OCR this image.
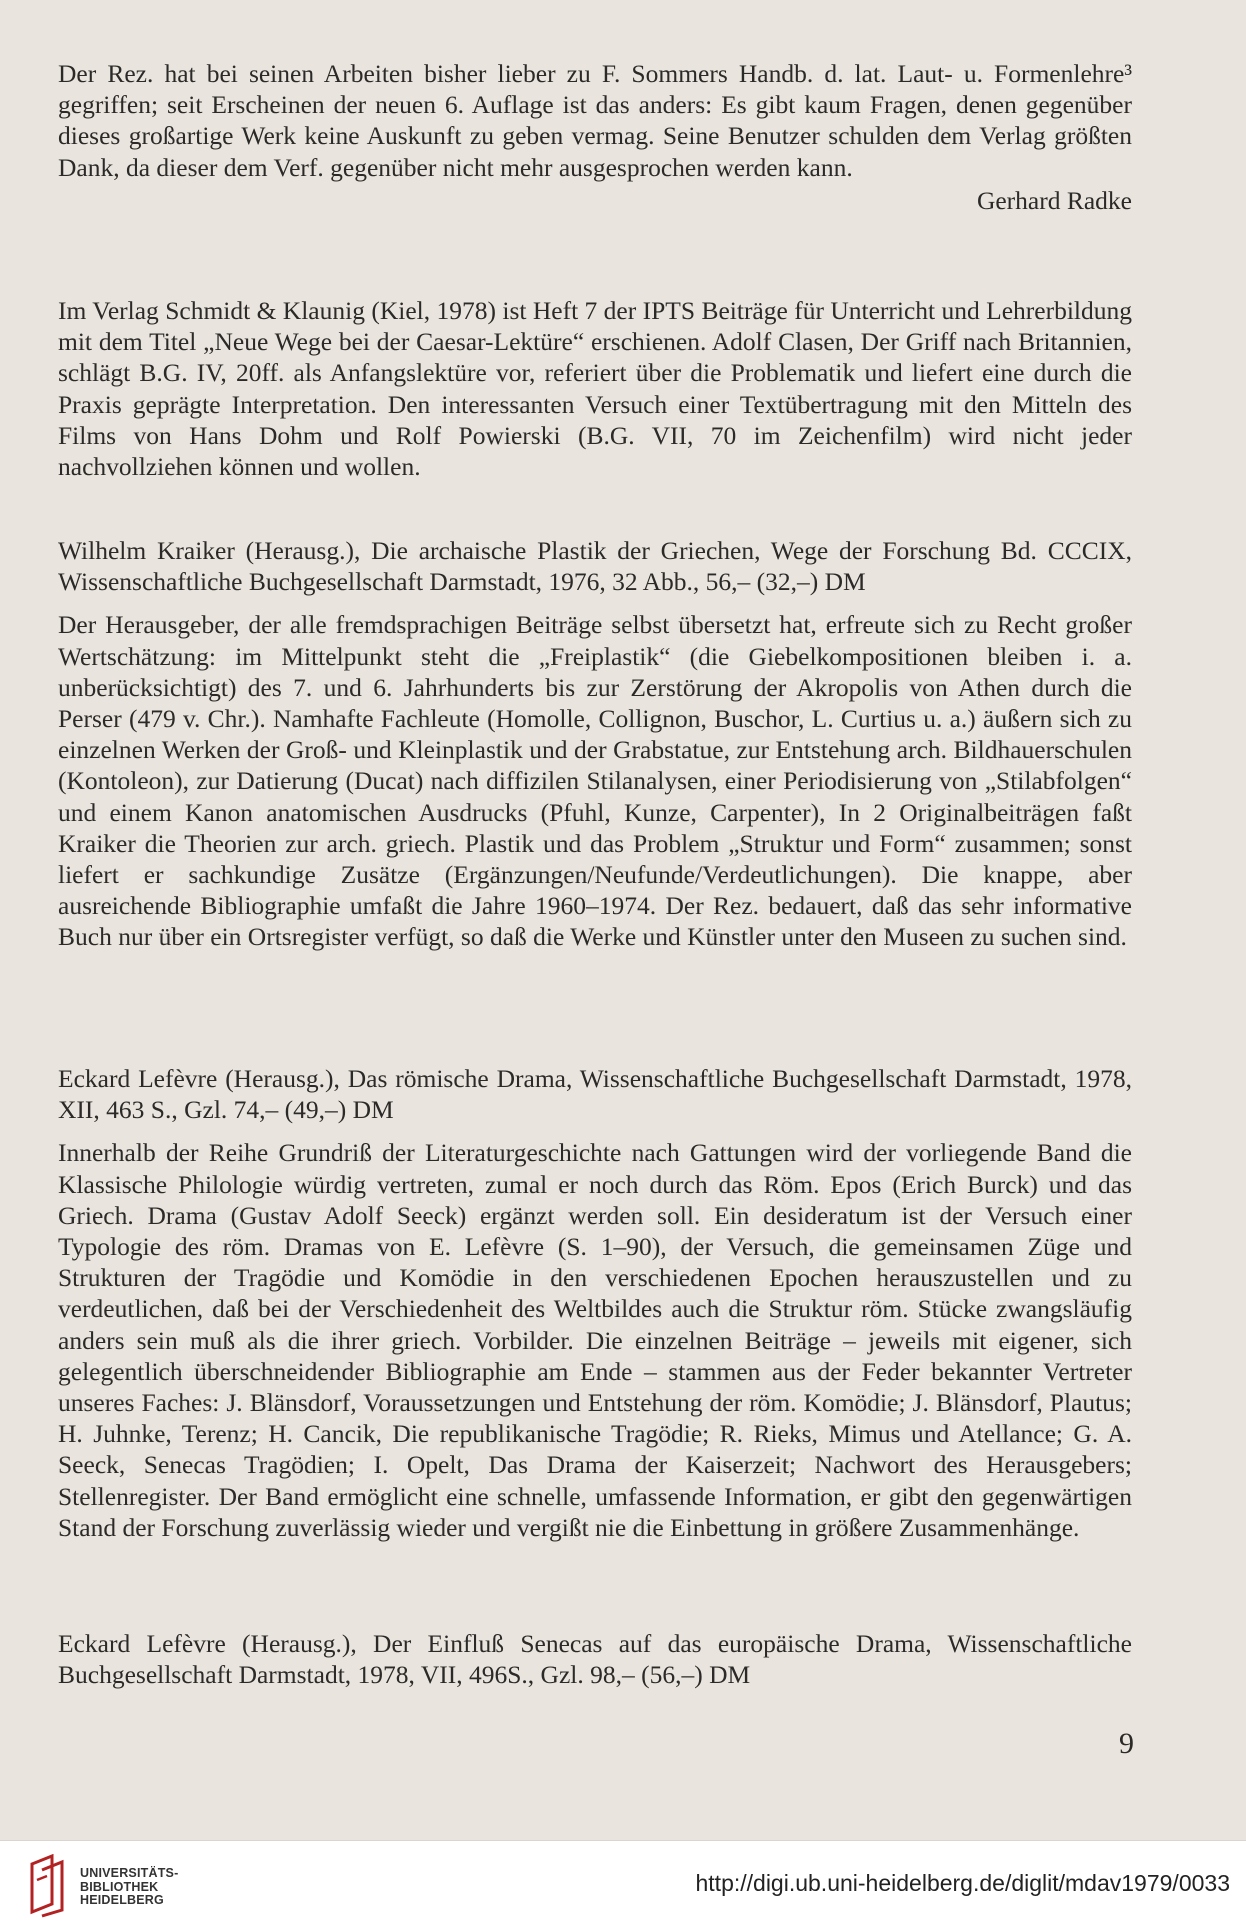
Der Rez. hat bei seinen Arbeiten bisher lieber zu F. Sommers Handb. d. lat. Laut- u. Formenlehre³ gegriffen; seit Erscheinen der neuen 6. Auflage ist das anders: Es gibt kaum Fragen, denen gegenüber dieses großartige Werk keine Auskunft zu geben vermag. Seine Benutzer schulden dem Verlag größten Dank, da dieser dem Verf. gegenüber nicht mehr ausgesprochen werden kann.

Gerhard Radke

Im Verlag Schmidt & Klaunig (Kiel, 1978) ist Heft 7 der IPTS Beiträge für Unterricht und Lehrerbildung mit dem Titel „Neue Wege bei der Caesar-Lektüre“ erschienen. Adolf Clasen, Der Griff nach Britannien, schlägt B.G. IV, 20ff. als Anfangslektüre vor, referiert über die Problematik und liefert eine durch die Praxis geprägte Interpretation. Den interessanten Versuch einer Textübertragung mit den Mitteln des Films von Hans Dohm und Rolf Powierski (B.G. VII, 70 im Zeichenfilm) wird nicht jeder nachvollziehen können und wollen.

Wilhelm Kraiker (Herausg.), Die archaische Plastik der Griechen, Wege der Forschung Bd. CCCIX, Wissenschaftliche Buchgesellschaft Darmstadt, 1976, 32 Abb., 56,– (32,–) DM

Der Herausgeber, der alle fremdsprachigen Beiträge selbst übersetzt hat, erfreute sich zu Recht großer Wertschätzung: im Mittelpunkt steht die „Freiplastik“ (die Giebelkompositionen bleiben i. a. unberücksichtigt) des 7. und 6. Jahrhunderts bis zur Zerstörung der Akropolis von Athen durch die Perser (479 v. Chr.). Namhafte Fachleute (Homolle, Collignon, Buschor, L. Curtius u. a.) äußern sich zu einzelnen Werken der Groß- und Kleinplastik und der Grabstatue, zur Entstehung arch. Bildhauerschulen (Kontoleon), zur Datierung (Ducat) nach diffizilen Stilanalysen, einer Periodisierung von „Stilabfolgen“ und einem Kanon anatomischen Ausdrucks (Pfuhl, Kunze, Carpenter), In 2 Originalbeiträgen faßt Kraiker die Theorien zur arch. griech. Plastik und das Problem „Struktur und Form“ zusammen; sonst liefert er sachkundige Zusätze (Ergänzungen/Neufunde/Verdeutlichungen). Die knappe, aber ausreichende Bibliographie umfaßt die Jahre 1960–1974. Der Rez. bedauert, daß das sehr informative Buch nur über ein Ortsregister verfügt, so daß die Werke und Künstler unter den Museen zu suchen sind.

Eckard Lefèvre (Herausg.), Das römische Drama, Wissenschaftliche Buchgesellschaft Darmstadt, 1978, XII, 463 S., Gzl. 74,– (49,–) DM

Innerhalb der Reihe Grundriß der Literaturgeschichte nach Gattungen wird der vorliegende Band die Klassische Philologie würdig vertreten, zumal er noch durch das Röm. Epos (Erich Burck) und das Griech. Drama (Gustav Adolf Seeck) ergänzt werden soll. Ein desideratum ist der Versuch einer Typologie des röm. Dramas von E. Lefèvre (S. 1–90), der Versuch, die gemeinsamen Züge und Strukturen der Tragödie und Komödie in den verschiedenen Epochen herauszustellen und zu verdeutlichen, daß bei der Verschiedenheit des Weltbildes auch die Struktur röm. Stücke zwangsläufig anders sein muß als die ihrer griech. Vorbilder. Die einzelnen Beiträge – jeweils mit eigener, sich gelegentlich überschneidender Bibliographie am Ende – stammen aus der Feder bekannter Vertreter unseres Faches: J. Blänsdorf, Voraussetzungen und Entstehung der röm. Komödie; J. Blänsdorf, Plautus; H. Juhnke, Terenz; H. Cancik, Die republikanische Tragödie; R. Rieks, Mimus und Atellance; G. A. Seeck, Senecas Tragödien; I. Opelt, Das Drama der Kaiserzeit; Nachwort des Herausgebers; Stellenregister. Der Band ermöglicht eine schnelle, umfassende Information, er gibt den gegenwärtigen Stand der Forschung zuverlässig wieder und vergißt nie die Einbettung in größere Zusammenhänge.

Eckard Lefèvre (Herausg.), Der Einfluß Senecas auf das europäische Drama, Wissenschaftliche Buchgesellschaft Darmstadt, 1978, VII, 496S., Gzl. 98,– (56,–) DM

9
UNIVERSITÄTS-
BIBLIOTHEK
HEIDELBERG
http://digi.ub.uni-heidelberg.de/diglit/mdav1979/0033
